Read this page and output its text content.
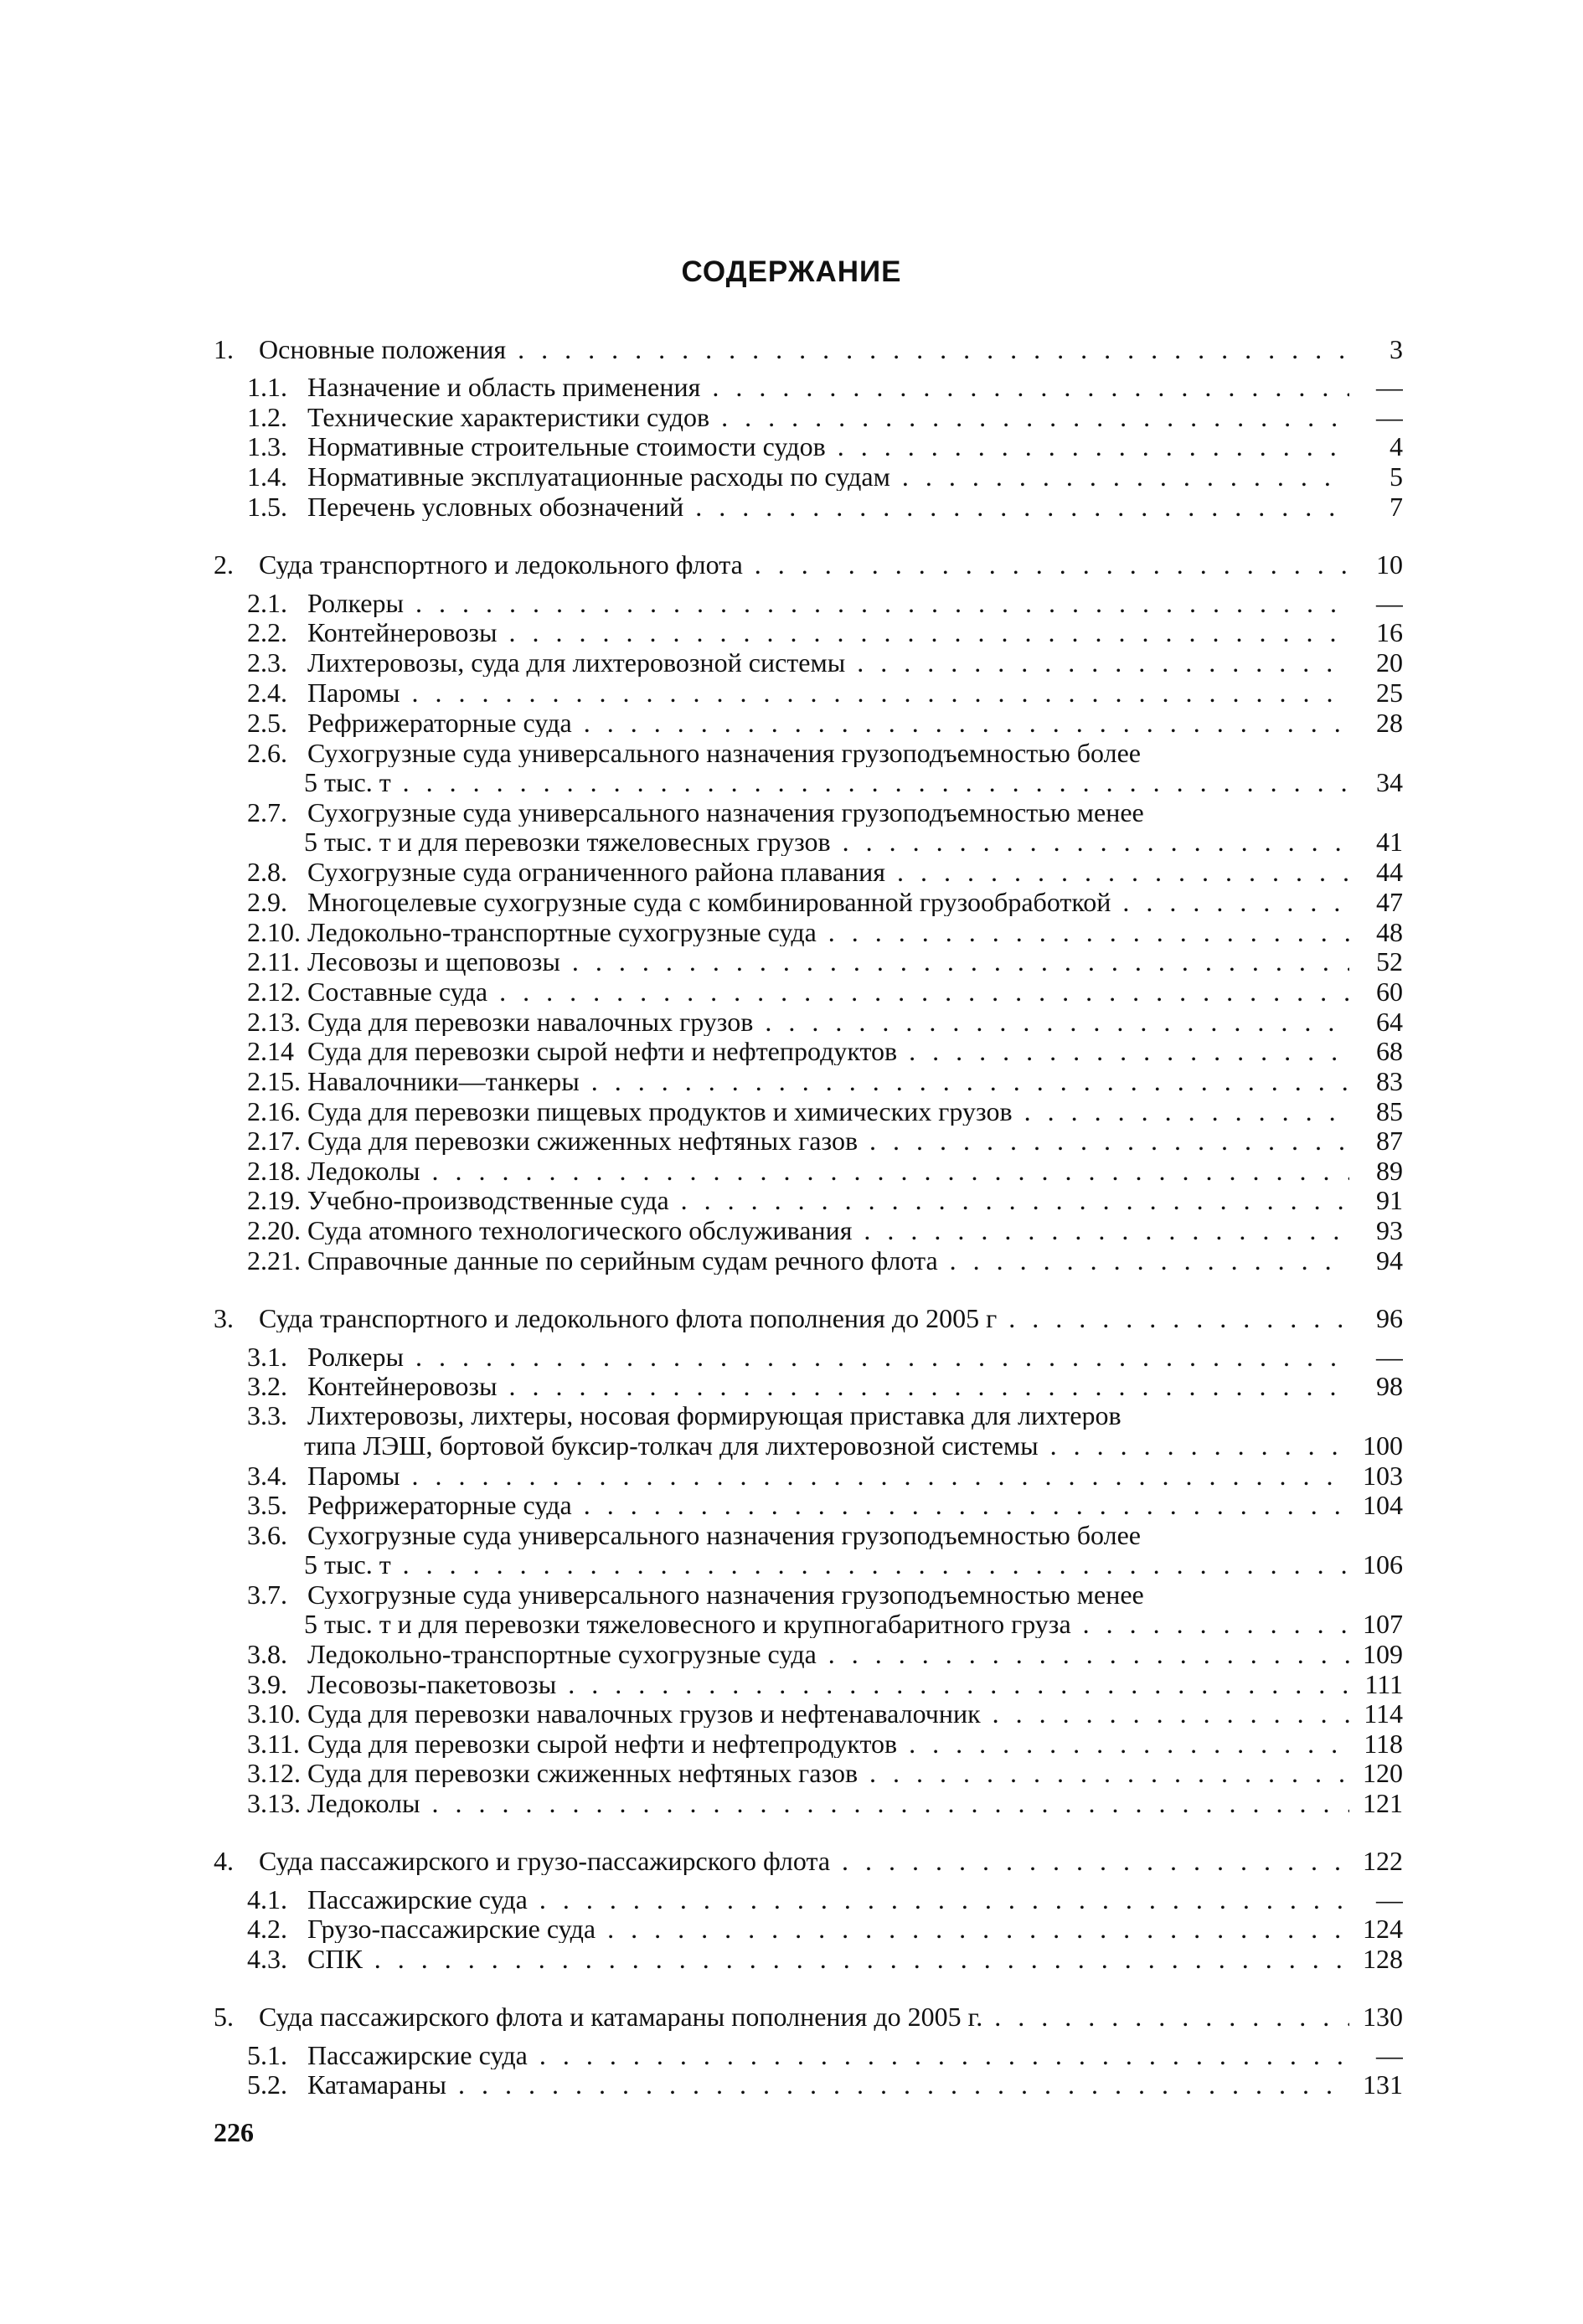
СОДЕРЖАНИЕ
1. Основные положения . . .	3
1.1. Назначение и область применения . . .	—
1.2. Технические характеристики судов . . .	—
1.3. Нормативные строительные стоимости судов . . .	4
1.4. Нормативные эксплуатационные расходы по судам . . .	5
1.5. Перечень условных обозначений . . .	7
2. Суда транспортного и ледокольного флота . . .	10
2.1. Ролкеры . . .	—
2.2. Контейнеровозы . . .	16
2.3. Лихтеровозы, суда для лихтеровозной системы . . .	20
2.4. Паромы . . .	25
2.5. Рефрижераторные суда . . .	28
2.6. Сухогрузные суда универсального назначения грузоподъемностью более
5 тыс. т . . .	34
2.7. Сухогрузные суда универсального назначения грузоподъемностью менее
5 тыс. т и для перевозки тяжеловесных грузов . . .	41
2.8. Сухогрузные суда ограниченного района плавания . . .	44
2.9. Многоцелевые сухогрузные суда с комбинированной грузообработкой . . .	47
2.10. Ледокольно-транспортные сухогрузные суда . . .	48
2.11. Лесовозы и щеповозы . . .	52
2.12. Составные суда . . .	60
2.13. Суда для перевозки навалочных грузов . . .	64
2.14 Суда для перевозки сырой нефти и нефтепродуктов . . .	68
2.15. Навалочники—танкеры . . .	83
2.16. Суда для перевозки пищевых продуктов и химических грузов . . .	85
2.17. Суда для перевозки сжиженных нефтяных газов . . .	87
2.18. Ледоколы . . .	89
2.19. Учебно-производственные суда . . .	91
2.20. Суда атомного технологического обслуживания . . .	93
2.21. Справочные данные по серийным судам речного флота . . .	94
3. Суда транспортного и ледокольного флота пополнения до 2005 г . . .	96
3.1. Ролкеры . . .	—
3.2. Контейнеровозы . . .	98
3.3. Лихтеровозы, лихтеры, носовая формирующая приставка для лихтеров
типа ЛЭШ, бортовой буксир-толкач для лихтеровозной системы . . .	100
3.4. Паромы . . .	103
3.5. Рефрижераторные суда . . .	104
3.6. Сухогрузные суда универсального назначения грузоподъемностью более
5 тыс. т . . .	106
3.7. Сухогрузные суда универсального назначения грузоподъемностью менее
5 тыс. т и для перевозки тяжеловесного и крупногабаритного груза . . .	107
3.8. Ледокольно-транспортные сухогрузные суда . . .	109
3.9. Лесовозы-пакетовозы . . .	111
3.10. Суда для перевозки навалочных грузов и нефтенавалочник . . .	114
3.11. Суда для перевозки сырой нефти и нефтепродуктов . . .	118
3.12. Суда для перевозки сжиженных нефтяных газов . . .	120
3.13. Ледоколы . . .	121
4. Суда пассажирского и грузо-пассажирского флота . . .	122
4.1. Пассажирские суда . . .	—
4.2. Грузо-пассажирские суда . . .	124
4.3. СПК . . .	128
5. Суда пассажирского флота и катамараны пополнения до 2005 г. . . .	130
5.1. Пассажирские суда . . .	—
5.2. Катамараны . . .	131
226
